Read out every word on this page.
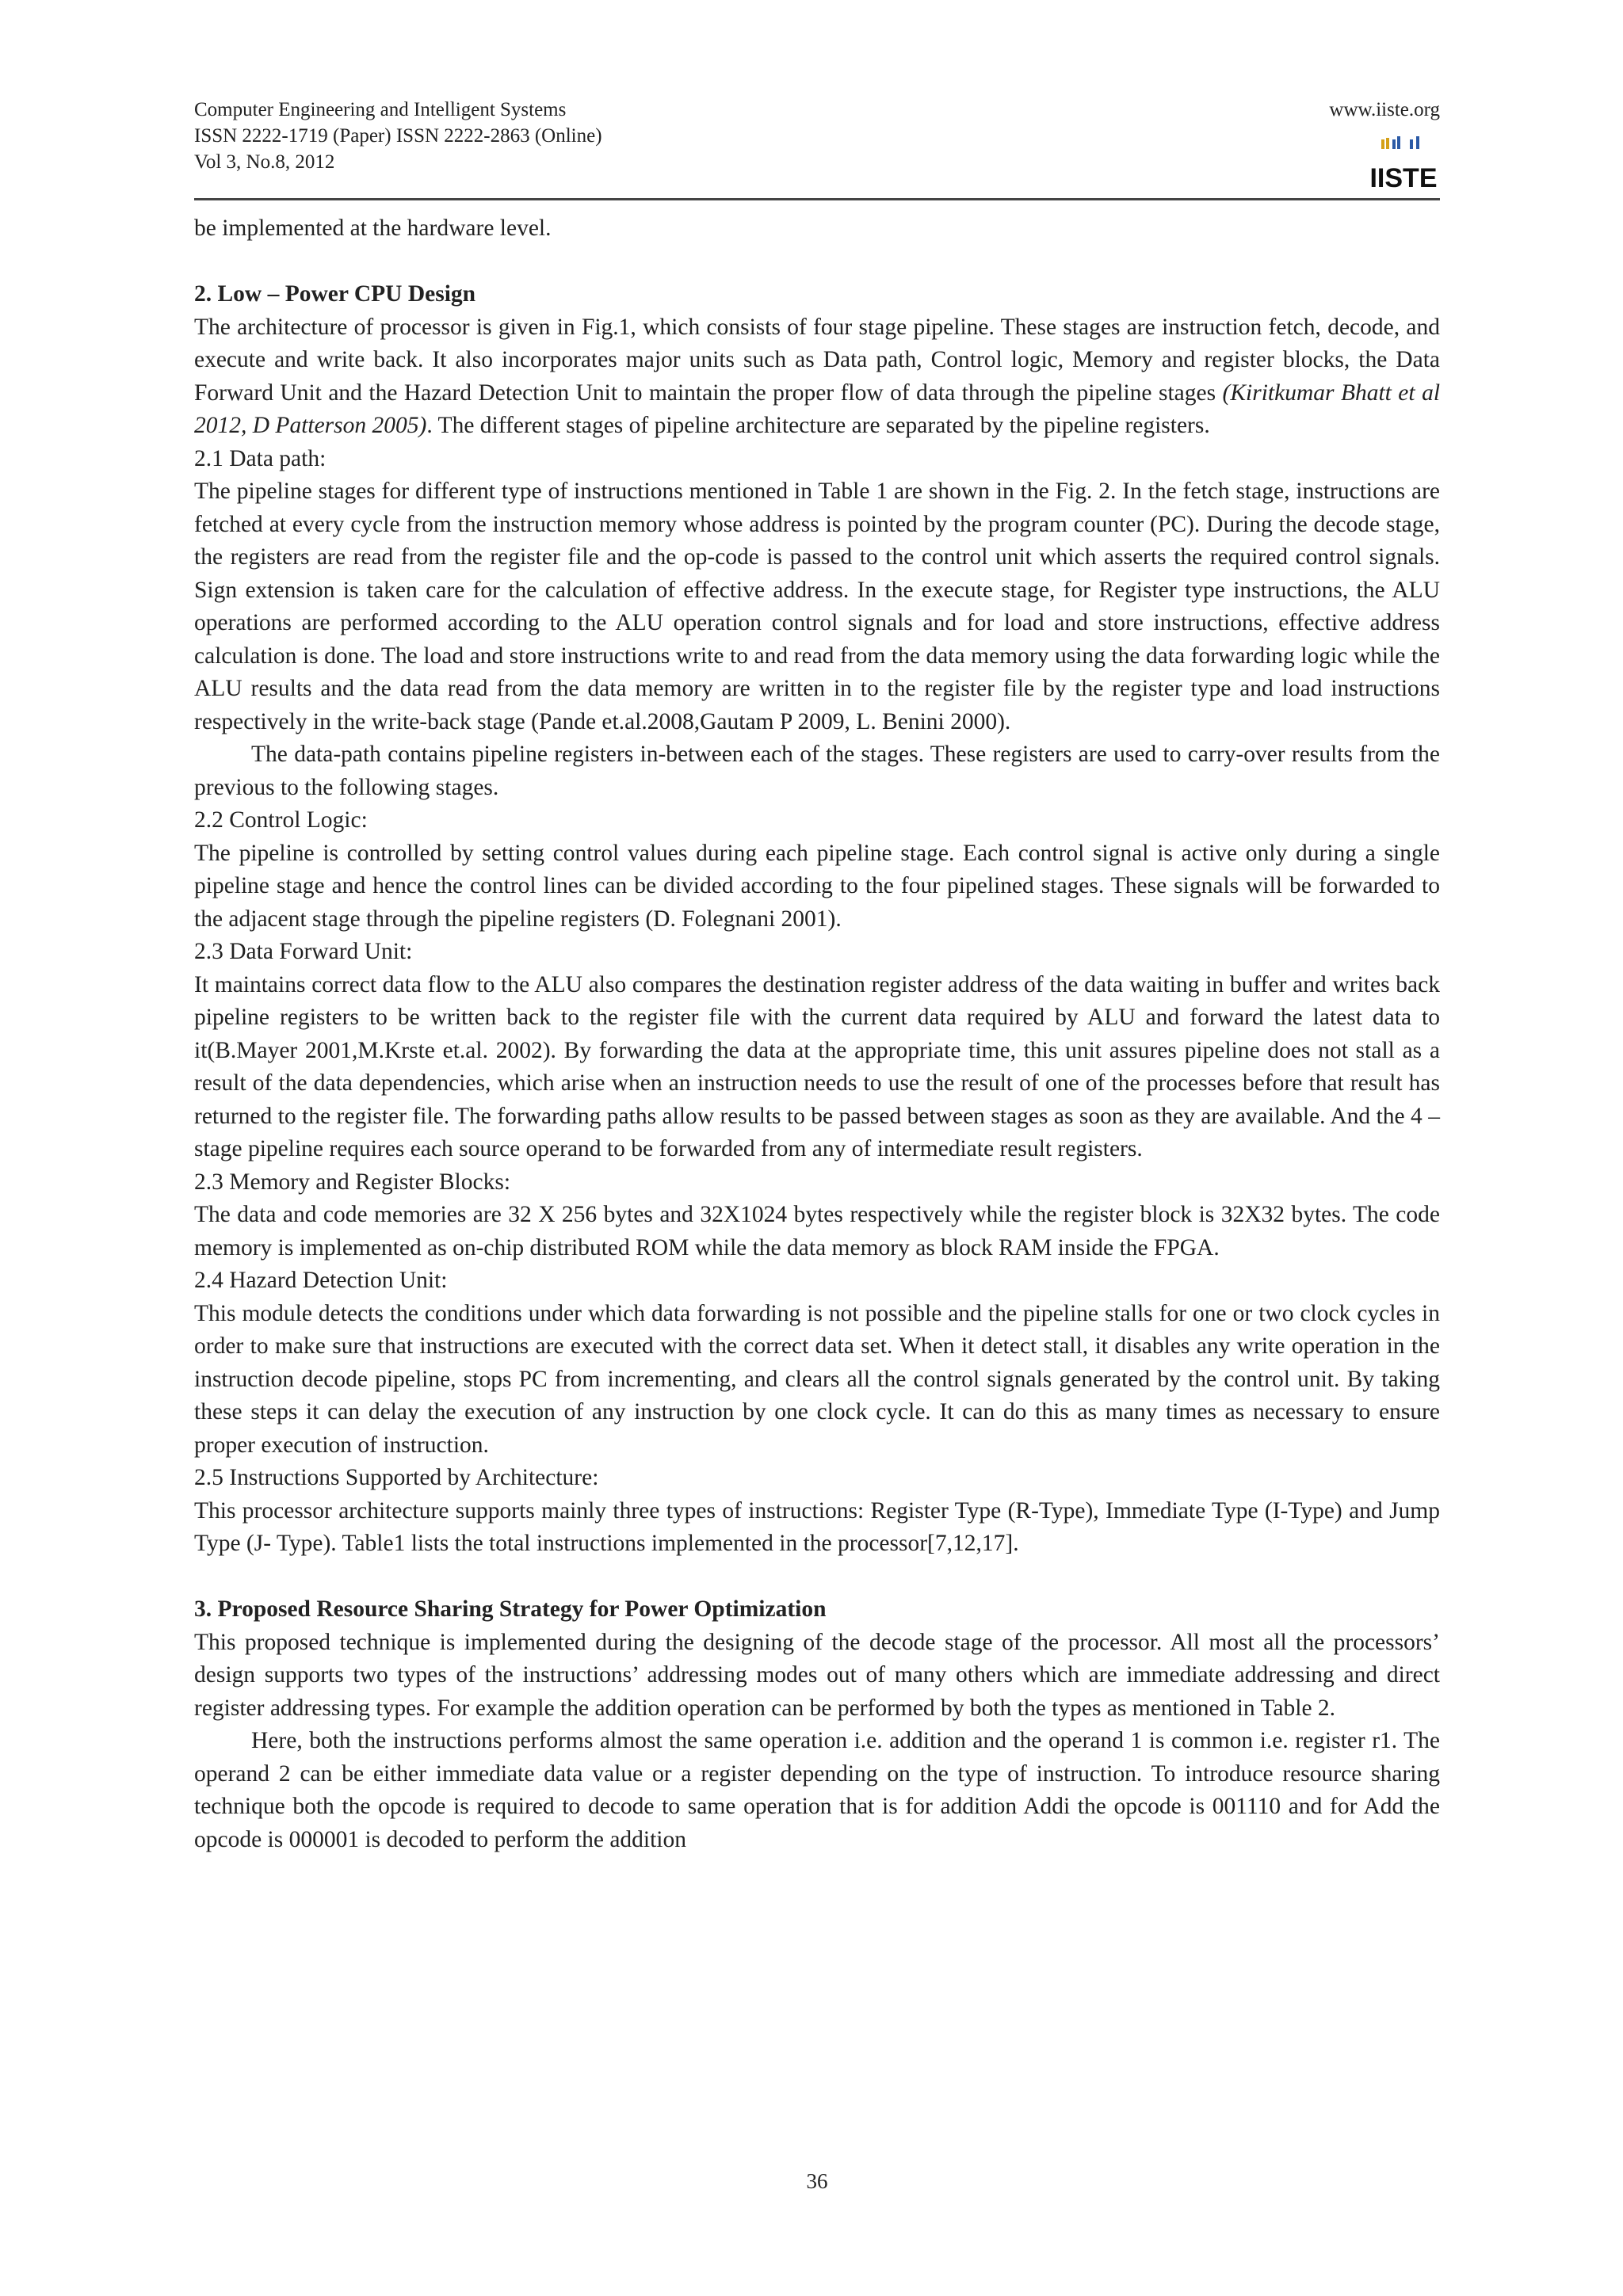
Computer Engineering and Intelligent Systems
ISSN 2222-1719 (Paper) ISSN 2222-2863 (Online)
Vol 3, No.8, 2012
www.iiste.org
IISTE

be implemented at the hardware level.

2. Low – Power CPU Design

The architecture of processor is given in Fig.1, which consists of four stage pipeline. These stages are instruction fetch, decode, and execute and write back. It also incorporates major units such as Data path, Control logic, Memory and register blocks, the Data Forward Unit and the Hazard Detection Unit to maintain the proper flow of data through the pipeline stages (Kiritkumar Bhatt et al 2012, D Patterson 2005). The different stages of pipeline architecture are separated by the pipeline registers.

2.1 Data path:

The pipeline stages for different type of instructions mentioned in Table 1 are shown in the Fig. 2. In the fetch stage, instructions are fetched at every cycle from the instruction memory whose address is pointed by the program counter (PC). During the decode stage, the registers are read from the register file and the op-code is passed to the control unit which asserts the required control signals. Sign extension is taken care for the calculation of effective address. In the execute stage, for Register type instructions, the ALU operations are performed according to the ALU operation control signals and for load and store instructions, effective address calculation is done. The load and store instructions write to and read from the data memory using the data forwarding logic while the ALU results and the data read from the data memory are written in to the register file by the register type and load instructions respectively in the write-back stage (Pande et.al.2008,Gautam P 2009, L. Benini 2000).

The data-path contains pipeline registers in-between each of the stages. These registers are used to carry-over results from the previous to the following stages.

2.2 Control Logic:

The pipeline is controlled by setting control values during each pipeline stage. Each control signal is active only during a single pipeline stage and hence the control lines can be divided according to the four pipelined stages. These signals will be forwarded to the adjacent stage through the pipeline registers (D. Folegnani 2001).

2.3 Data Forward Unit:

It maintains correct data flow to the ALU also compares the destination register address of the data waiting in buffer and writes back pipeline registers to be written back to the register file with the current data required by ALU and forward the latest data to it(B.Mayer 2001,M.Krste et.al. 2002). By forwarding the data at the appropriate time, this unit assures pipeline does not stall as a result of the data dependencies, which arise when an instruction needs to use the result of one of the processes before that result has returned to the register file. The forwarding paths allow results to be passed between stages as soon as they are available. And the 4 – stage pipeline requires each source operand to be forwarded from any of intermediate result registers.

2.3 Memory and Register Blocks:

The data and code memories are 32 X 256 bytes and 32X1024 bytes respectively while the register block is 32X32 bytes. The code memory is implemented as on-chip distributed ROM while the data memory as block RAM inside the FPGA.

2.4 Hazard Detection Unit:

This module detects the conditions under which data forwarding is not possible and the pipeline stalls for one or two clock cycles in order to make sure that instructions are executed with the correct data set. When it detect stall, it disables any write operation in the instruction decode pipeline, stops PC from incrementing, and clears all the control signals generated by the control unit. By taking these steps it can delay the execution of any instruction by one clock cycle. It can do this as many times as necessary to ensure proper execution of instruction.

2.5 Instructions Supported by Architecture:

This processor architecture supports mainly three types of instructions: Register Type (R-Type), Immediate Type (I-Type) and Jump Type (J- Type). Table1 lists the total instructions implemented in the processor[7,12,17].

3. Proposed Resource Sharing Strategy for Power Optimization

This proposed technique is implemented during the designing of the decode stage of the processor. All most all the processors’ design supports two types of the instructions’ addressing modes out of many others which are immediate addressing and direct register addressing types. For example the addition operation can be performed by both the types as mentioned in Table 2.

Here, both the instructions performs almost the same operation i.e. addition and the operand 1 is common i.e. register r1. The operand 2 can be either immediate data value or a register depending on the type of instruction. To introduce resource sharing technique both the opcode is required to decode to same operation that is for addition Addi the opcode is 001110 and for Add the opcode is 000001 is decoded to perform the addition

36
